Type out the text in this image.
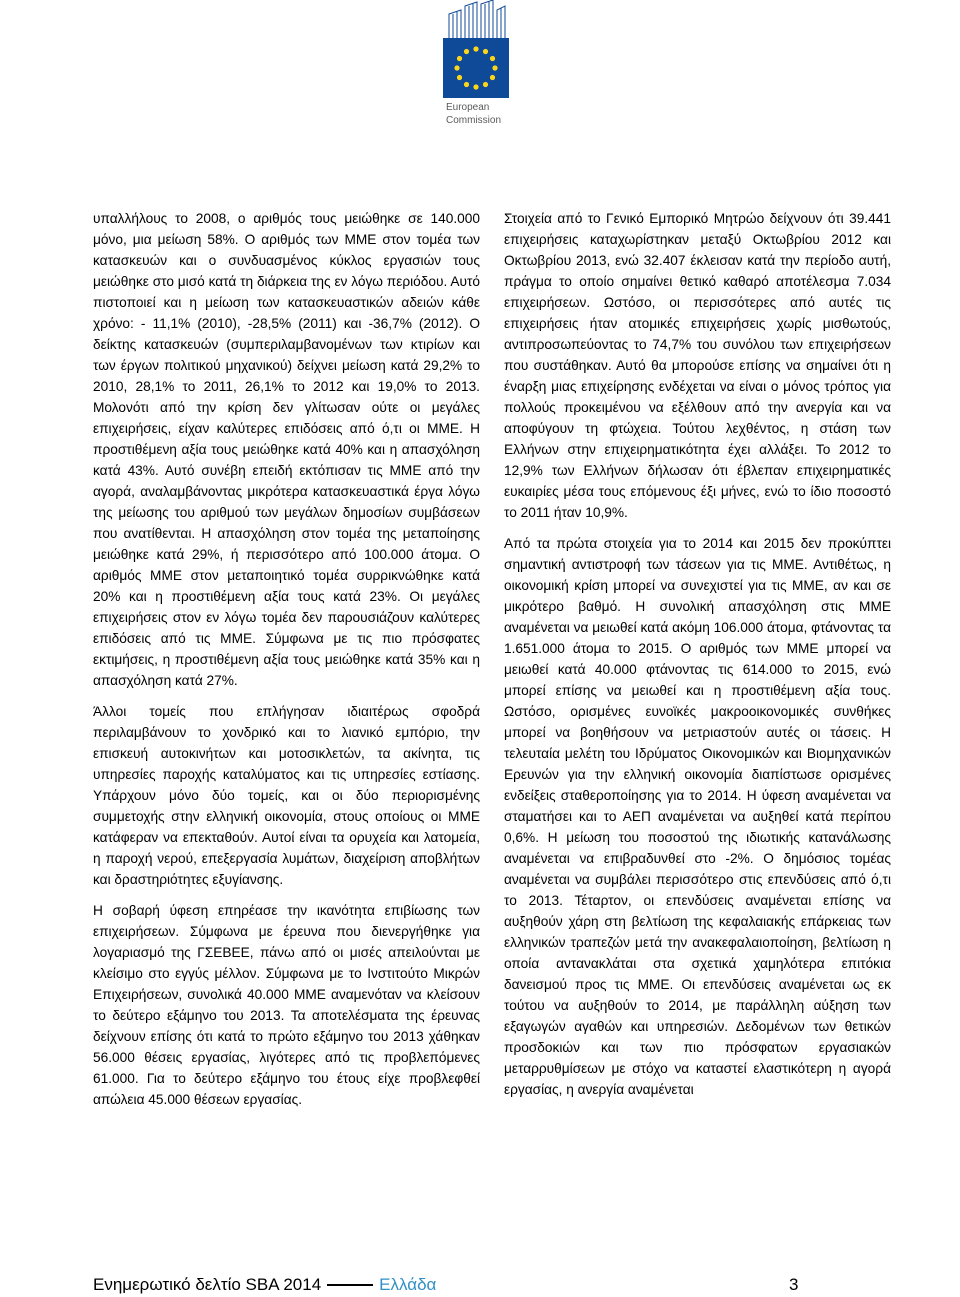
European
Commission

υπαλλήλους το 2008, ο αριθμός τους μειώθηκε σε 140.000 μόνο, μια μείωση 58%. Ο αριθμός των ΜΜΕ στον τομέα των κατασκευών και ο συνδυασμένος κύκλος εργασιών τους μειώθηκε στο μισό κατά τη διάρκεια της εν λόγω περιόδου. Αυτό πιστοποιεί και η μείωση των κατασκευαστικών αδειών κάθε χρόνο: - 11,1% (2010), -28,5% (2011) και -36,7% (2012). Ο δείκτης κατασκευών (συμπεριλαμβανομένων των κτιρίων και των έργων πολιτικού μηχανικού) δείχνει μείωση κατά 29,2% το 2010, 28,1% το 2011, 26,1% το 2012 και 19,0% το 2013. Μολονότι από την κρίση δεν γλίτωσαν ούτε οι μεγάλες επιχειρήσεις, είχαν καλύτερες επιδόσεις από ό,τι οι ΜΜΕ. Η προστιθέμενη αξία τους μειώθηκε κατά 40% και η απασχόληση κατά 43%. Αυτό συνέβη επειδή εκτόπισαν τις ΜΜΕ από την αγορά, αναλαμβάνοντας μικρότερα κατασκευαστικά έργα λόγω της μείωσης του αριθμού των μεγάλων δημοσίων συμβάσεων που ανατίθενται. Η απασχόληση στον τομέα της μεταποίησης μειώθηκε κατά 29%, ή περισσότερο από 100.000 άτομα. Ο αριθμός ΜΜΕ στον μεταποιητικό τομέα συρρικνώθηκε κατά 20% και η προστιθέμενη αξία τους κατά 23%. Οι μεγάλες επιχειρήσεις στον εν λόγω τομέα δεν παρουσιάζουν καλύτερες επιδόσεις από τις ΜΜΕ. Σύμφωνα με τις πιο πρόσφατες εκτιμήσεις, η προστιθέμενη αξία τους μειώθηκε κατά 35% και η απασχόληση κατά 27%.

Άλλοι τομείς που επλήγησαν ιδιαιτέρως σφοδρά περιλαμβάνουν το χονδρικό και το λιανικό εμπόριο, την επισκευή αυτοκινήτων και μοτοσικλετών, τα ακίνητα, τις υπηρεσίες παροχής καταλύματος και τις υπηρεσίες εστίασης. Υπάρχουν μόνο δύο τομείς, και οι δύο περιορισμένης συμμετοχής στην ελληνική οικονομία, στους οποίους οι ΜΜΕ κατάφεραν να επεκταθούν. Αυτοί είναι τα ορυχεία και λατομεία, η παροχή νερού, επεξεργασία λυμάτων, διαχείριση αποβλήτων και δραστηριότητες εξυγίανσης.

Η σοβαρή ύφεση επηρέασε την ικανότητα επιβίωσης των επιχειρήσεων. Σύμφωνα με έρευνα που διενεργήθηκε για λογαριασμό της ΓΣΕΒΕΕ, πάνω από οι μισές απειλούνται με κλείσιμο στο εγγύς μέλλον. Σύμφωνα με το Ινστιτούτο Μικρών Επιχειρήσεων, συνολικά 40.000 ΜΜΕ αναμενόταν να κλείσουν το δεύτερο εξάμηνο του 2013. Τα αποτελέσματα της έρευνας δείχνουν επίσης ότι κατά το πρώτο εξάμηνο του 2013 χάθηκαν 56.000 θέσεις εργασίας, λιγότερες από τις προβλεπόμενες 61.000. Για το δεύτερο εξάμηνο του έτους είχε προβλεφθεί απώλεια 45.000 θέσεων εργασίας.

Στοιχεία από το Γενικό Εμπορικό Μητρώο δείχνουν ότι 39.441 επιχειρήσεις καταχωρίστηκαν μεταξύ Οκτωβρίου 2012 και Οκτωβρίου 2013, ενώ 32.407 έκλεισαν κατά την περίοδο αυτή, πράγμα το οποίο σημαίνει θετικό καθαρό αποτέλεσμα 7.034 επιχειρήσεων. Ωστόσο, οι περισσότερες από αυτές τις επιχειρήσεις ήταν ατομικές επιχειρήσεις χωρίς μισθωτούς, αντιπροσωπεύοντας το 74,7% του συνόλου των επιχειρήσεων που συστάθηκαν. Αυτό θα μπορούσε επίσης να σημαίνει ότι η έναρξη μιας επιχείρησης ενδέχεται να είναι ο μόνος τρόπος για πολλούς προκειμένου να εξέλθουν από την ανεργία και να αποφύγουν τη φτώχεια. Τούτου λεχθέντος, η στάση των Ελλήνων στην επιχειρηματικότητα έχει αλλάξει. Το 2012 το 12,9% των Ελλήνων δήλωσαν ότι έβλεπαν επιχειρηματικές ευκαιρίες μέσα τους επόμενους έξι μήνες, ενώ το ίδιο ποσοστό το 2011 ήταν 10,9%.

Από τα πρώτα στοιχεία για το 2014 και 2015 δεν προκύπτει σημαντική αντιστροφή των τάσεων για τις ΜΜΕ. Αντιθέτως, η οικονομική κρίση μπορεί να συνεχιστεί για τις ΜΜΕ, αν και σε μικρότερο βαθμό. Η συνολική απασχόληση στις ΜΜΕ αναμένεται να μειωθεί κατά ακόμη 106.000 άτομα, φτάνοντας τα 1.651.000 άτομα το 2015. Ο αριθμός των ΜΜΕ μπορεί να μειωθεί κατά 40.000 φτάνοντας τις 614.000 το 2015, ενώ μπορεί επίσης να μειωθεί και η προστιθέμενη αξία τους. Ωστόσο, ορισμένες ευνοϊκές μακροοικονομικές συνθήκες μπορεί να βοηθήσουν να μετριαστούν αυτές οι τάσεις. Η τελευταία μελέτη του Ιδρύματος Οικονομικών και Βιομηχανικών Ερευνών για την ελληνική οικονομία διαπίστωσε ορισμένες ενδείξεις σταθεροποίησης για το 2014. Η ύφεση αναμένεται να σταματήσει και το ΑΕΠ αναμένεται να αυξηθεί κατά περίπου 0,6%. Η μείωση του ποσοστού της ιδιωτικής κατανάλωσης αναμένεται να επιβραδυνθεί στο -2%. Ο δημόσιος τομέας αναμένεται να συμβάλει περισσότερο στις επενδύσεις από ό,τι το 2013. Τέταρτον, οι επενδύσεις αναμένεται επίσης να αυξηθούν χάρη στη βελτίωση της κεφαλαιακής επάρκειας των ελληνικών τραπεζών μετά την ανακεφαλαιοποίηση, βελτίωση η οποία αντανακλάται στα σχετικά χαμηλότερα επιτόκια δανεισμού προς τις ΜΜΕ. Οι επενδύσεις αναμένεται ως εκ τούτου να αυξηθούν το 2014, με παράλληλη αύξηση των εξαγωγών αγαθών και υπηρεσιών. Δεδομένων των θετικών προσδοκιών και των πιο πρόσφατων εργασιακών μεταρρυθμίσεων με στόχο να καταστεί ελαστικότερη η αγορά εργασίας, η ανεργία αναμένεται

Ενημερωτικό δελτίο SBA 2014	Ελλάδα	3
